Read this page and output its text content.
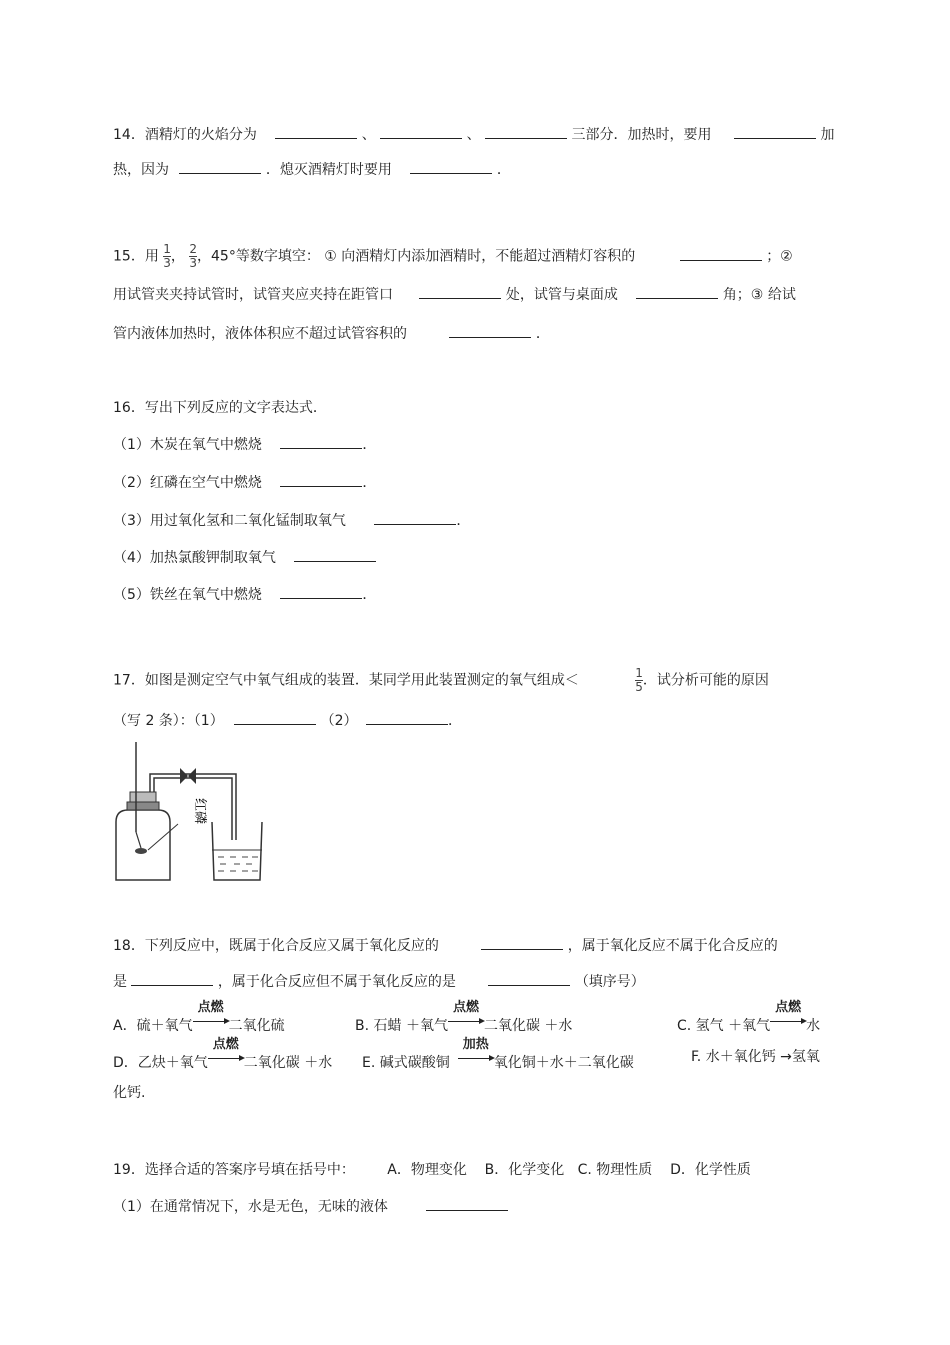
14．酒精灯的火焰分为	、	、	三部分．加热时，要用	加
热，因为	．熄灭酒精灯时要用	．
15．用 $\frac{1}{3}$ ， $\frac{2}{3}$ ，45°等数字填空： ① 向酒精灯内添加酒精时，不能超过酒精灯容积的	；②
用试管夹夹持试管时，试管夹应夹持在距管口	处，试管与桌面成	角；③ 给试
管内液体加热时，液体体积应不超过试管容积的	．
16．写出下列反应的文字表达式．
（1）木炭在氧气中燃烧	．
（2）红磷在空气中燃烧	．
（3）用过氧化氢和二氧化锰制取氧气	．
（4）加热氯酸钾制取氧气
（5）铁丝在氧气中燃烧	．
17．如图是测定空气中氧气组成的装置．某同学用此装置测定的氧气组成＜	$\frac{1}{5}$ ．试分析可能的原因
（写 2 条）：（1）	（2）	．
红磷
18．下列反应中，既属于化合反应又属于氧化反应的	，属于氧化反应不属于化合反应的
是	，属于化合反应但不属于氧化反应的是	（填序号）
A．硫＋氧气
点燃
二氧化硫	B. 石蜡 ＋氧气
点燃
二氧化碳 ＋水	C. 氢气 ＋氧气
点燃
水
D．乙炔＋氧气
点燃
二氧化碳 ＋水 E. 碱式碳酸铜
加热
氧化铜＋水＋二氧化碳	F. 水＋氧化钙 →氢氧
化钙.
19．选择合适的答案序号填在括号中： A．物理变化    B．化学变化   C. 物理性质    D．化学性质
（1）在通常情况下，水是无色，无味的液体
